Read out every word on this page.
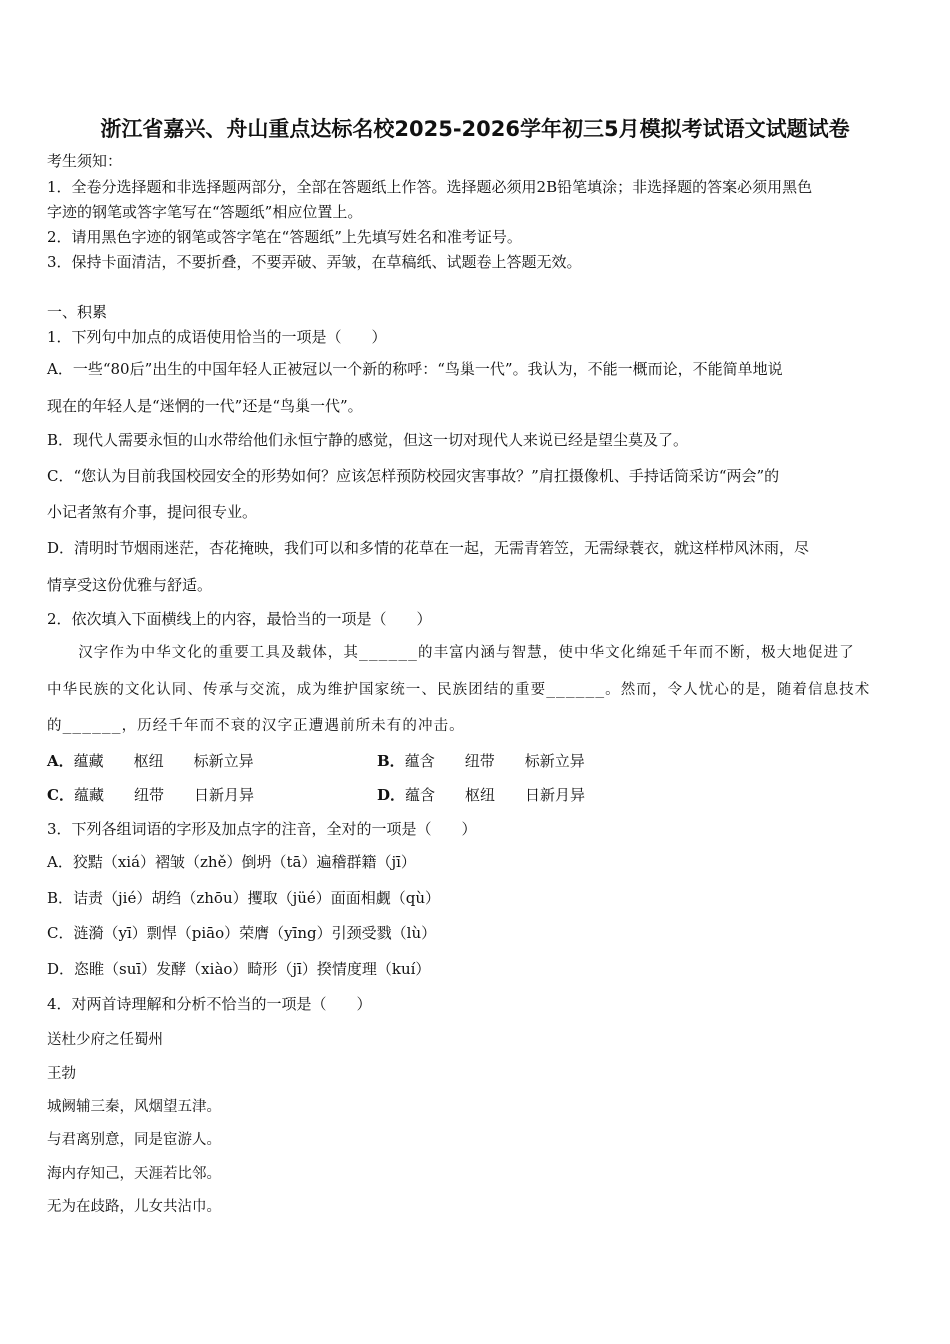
浙江省嘉兴、舟山重点达标名校2025-2026学年初三5月模拟考试语文试题试卷
考生须知：
1．全卷分选择题和非选择题两部分，全部在答题纸上作答。选择题必须用2B铅笔填涂；非选择题的答案必须用黑色
字迹的钢笔或答字笔写在“答题纸”相应位置上。
2．请用黑色字迹的钢笔或答字笔在“答题纸”上先填写姓名和准考证号。
3．保持卡面清洁，不要折叠，不要弄破、弄皱，在草稿纸、试题卷上答题无效。
一、积累
1．下列句中加点的成语使用恰当的一项是（　　）
A．一些“80后”出生的中国年轻人正被冠以一个新的称呼：“鸟巢一代”。我认为，不能一概而论，不能简单地说
现在的年轻人是“迷惘的一代”还是“鸟巢一代”。
B．现代人需要永恒的山水带给他们永恒宁静的感觉，但这一切对现代人来说已经是望尘莫及了。
C．“您认为目前我国校园安全的形势如何？应该怎样预防校园灾害事故？”肩扛摄像机、手持话筒采访“两会”的
小记者煞有介事，提问很专业。
D．清明时节烟雨迷茫，杏花掩映，我们可以和多情的花草在一起，无需青箬笠，无需绿蓑衣，就这样栉风沐雨，尽
情享受这份优雅与舒适。
2．依次填入下面横线上的内容，最恰当的一项是（　　）
　　汉字作为中华文化的重要工具及载体，其______的丰富内涵与智慧，使中华文化绵延千年而不断，极大地促进了
中华民族的文化认同、传承与交流，成为维护国家统一、民族团结的重要______。然而，令人忧心的是，随着信息技术
的______，历经千年而不衰的汉字正遭遇前所未有的冲击。
A．蕴藏 枢纽 标新立异	B．蕴含 纽带 标新立异
C．蕴藏 纽带 日新月异	D．蕴含 枢纽 日新月异
3．下列各组词语的字形及加点字的注音，全对的一项是（　　）
A．狡黠（xiá）褶皱（zhě）倒坍（tā）遍稽群籍（jī）
B．诘责（jié）胡绉（zhōu）攫取（jüé）面面相觑（qù）
C．涟漪（yī）剽悍（piāo）荣膺（yīng）引颈受戮（lù）
D．恣睢（suī）发酵（xiào）畸形（jī）揆情度理（kuí）
4．对两首诗理解和分析不恰当的一项是（　　）
送杜少府之任蜀州
王勃
城阙辅三秦，风烟望五津。
与君离别意，同是宦游人。
海内存知己，天涯若比邻。
无为在歧路，儿女共沾巾。
